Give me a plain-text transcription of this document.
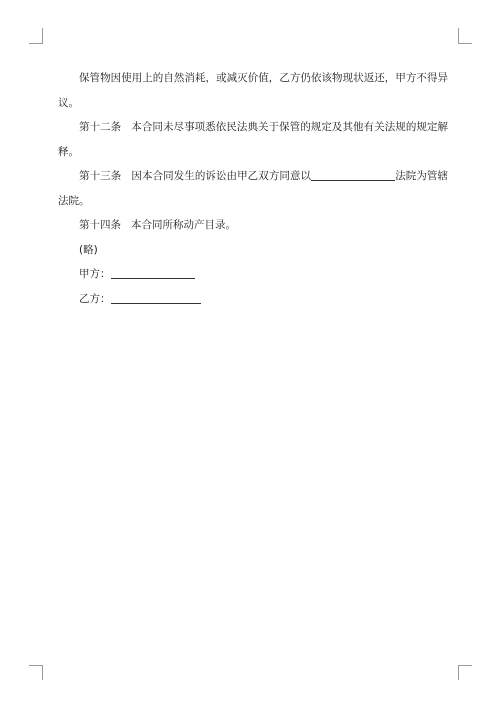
保管物因使用上的自然消耗，或减灭价值，乙方仍依该物现状返还，甲方不得异议。

第十二条 本合同未尽事项悉依民法典关于保管的规定及其他有关法规的规定解释。

第十三条 因本合同发生的诉讼由甲乙双方同意以	法院为管辖法院。

第十四条 本合同所称动产目录。

(略)

甲方：

乙方：
